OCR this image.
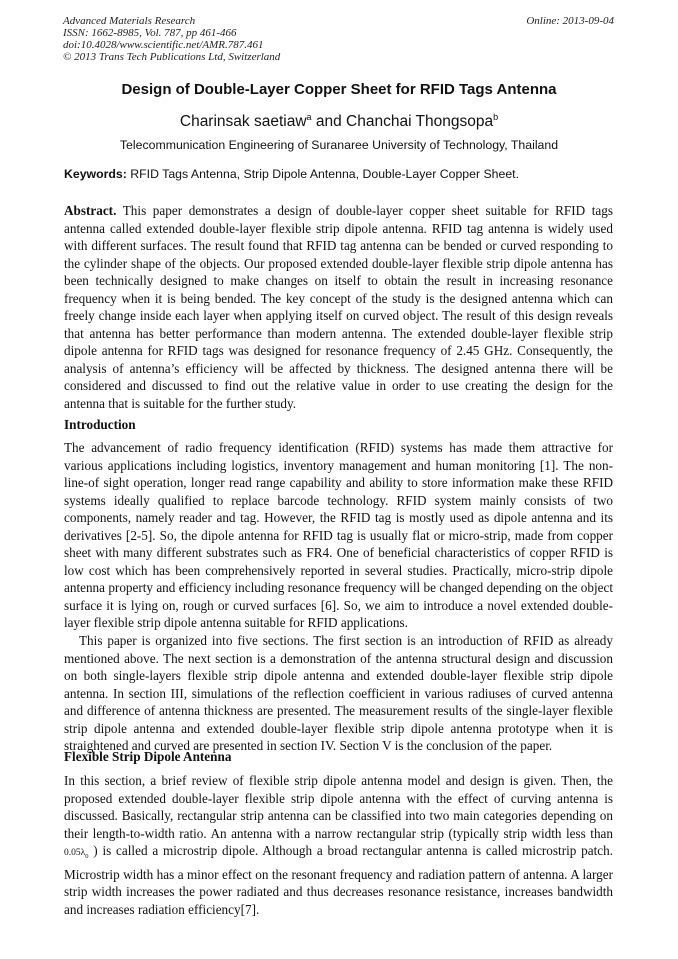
Advanced Materials Research
ISSN: 1662-8985, Vol. 787, pp 461-466
doi:10.4028/www.scientific.net/AMR.787.461
© 2013 Trans Tech Publications Ltd, Switzerland
Online: 2013-09-04
Design of Double-Layer Copper Sheet for RFID Tags Antenna
Charinsak saetiaw$^a$ and Chanchai Thongsopa$^b$
Telecommunication Engineering of Suranaree University of Technology, Thailand
Keywords: RFID Tags Antenna, Strip Dipole Antenna, Double-Layer Copper Sheet.

Abstract. This paper demonstrates a design of double-layer copper sheet suitable for RFID tags antenna called extended double-layer flexible strip dipole antenna. RFID tag antenna is widely used with different surfaces. The result found that RFID tag antenna can be bended or curved responding to the cylinder shape of the objects. Our proposed extended double-layer flexible strip dipole antenna has been technically designed to make changes on itself to obtain the result in increasing resonance frequency when it is being bended. The key concept of the study is the designed antenna which can freely change inside each layer when applying itself on curved object. The result of this design reveals that antenna has better performance than modern antenna. The extended double-layer flexible strip dipole antenna for RFID tags was designed for resonance frequency of 2.45 GHz. Consequently, the analysis of antenna’s efficiency will be affected by thickness. The designed antenna there will be considered and discussed to find out the relative value in order to use creating the design for the antenna that is suitable for the further study.

Introduction

The advancement of radio frequency identification (RFID) systems has made them attractive for various applications including logistics, inventory management and human monitoring [1]. The non-line-of sight operation, longer read range capability and ability to store information make these RFID systems ideally qualified to replace barcode technology. RFID system mainly consists of two components, namely reader and tag. However, the RFID tag is mostly used as dipole antenna and its derivatives [2-5]. So, the dipole antenna for RFID tag is usually flat or micro-strip, made from copper sheet with many different substrates such as FR4. One of beneficial characteristics of copper RFID is low cost which has been comprehensively reported in several studies. Practically, micro-strip dipole antenna property and efficiency including resonance frequency will be changed depending on the object surface it is lying on, rough or curved surfaces [6]. So, we aim to introduce a novel extended double-layer flexible strip dipole antenna suitable for RFID applications.

This paper is organized into five sections. The first section is an introduction of RFID as already mentioned above. The next section is a demonstration of the antenna structural design and discussion on both single-layers flexible strip dipole antenna and extended double-layer flexible strip dipole antenna. In section III, simulations of the reflection coefficient in various radiuses of curved antenna and difference of antenna thickness are presented. The measurement results of the single-layer flexible strip dipole antenna and extended double-layer flexible strip dipole antenna prototype when it is straightened and curved are presented in section IV. Section V is the conclusion of the paper.

Flexible Strip Dipole Antenna

In this section, a brief review of flexible strip dipole antenna model and design is given. Then, the proposed extended double-layer flexible strip dipole antenna with the effect of curving antenna is discussed. Basically, rectangular strip antenna can be classified into two main categories depending on their length-to-width ratio. An antenna with a narrow rectangular strip (typically strip width less than $0.05\lambda_0$ ) is called a microstrip dipole. Although a broad rectangular antenna is called microstrip patch. Microstrip width has a minor effect on the resonant frequency and radiation pattern of antenna. A larger strip width increases the power radiated and thus decreases resonance resistance, increases bandwidth and increases radiation efficiency[7].
